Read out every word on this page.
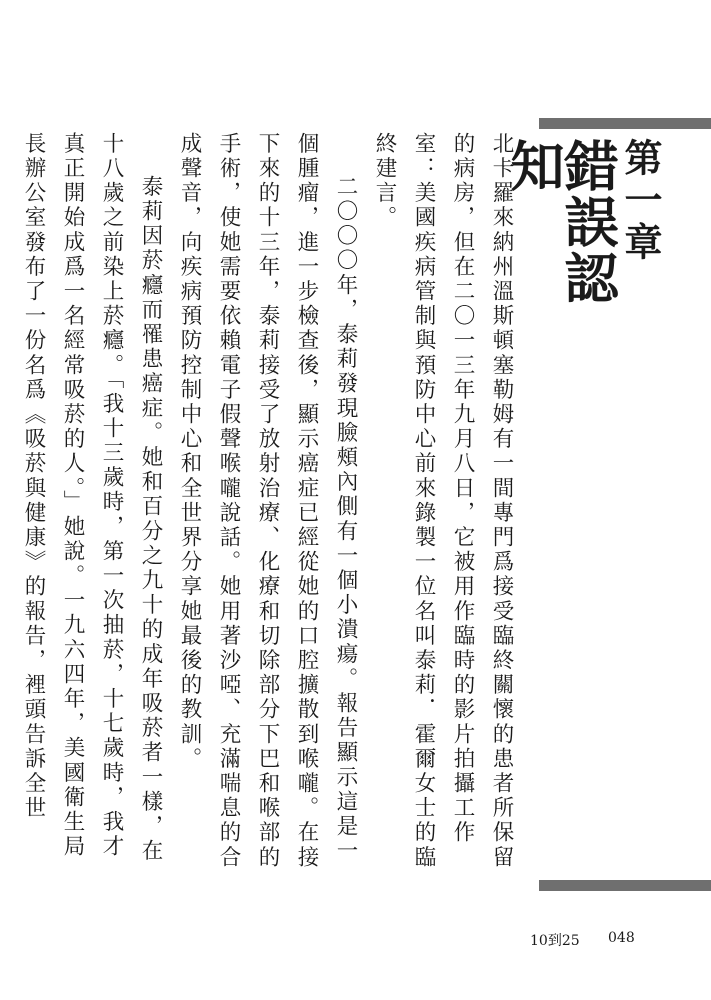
第一章
錯誤認知

北卡羅來納州溫斯頓塞勒姆有一間專門爲接受臨終關懷的患者所保留的病房，但在二〇一三年九月八日，它被用作臨時的影片拍攝工作室：美國疾病管制與預防中心前來錄製一位名叫泰莉．霍爾女士的臨終建言。

二〇〇〇年，泰莉發現臉頰內側有一個小潰瘍。報告顯示這是一個腫瘤，進一步檢查後，顯示癌症已經從她的口腔擴散到喉嚨。在接下來的十三年，泰莉接受了放射治療、化療和切除部分下巴和喉部的手術，使她需要依賴電子假聲喉嚨說話。她用著沙啞、充滿喘息的合成聲音，向疾病預防控制中心和全世界分享她最後的教訓。

泰莉因菸癮而罹患癌症。她和百分之九十的成年吸菸者一樣，在十八歲之前染上菸癮。「我十三歲時，第一次抽菸，十七歲時，我才真正開始成爲一名經常吸菸的人。」她說。一九六四年，美國衛生局長辦公室發布了一份名爲《吸菸與健康》的報告，裡頭告訴全世

10到25 048
